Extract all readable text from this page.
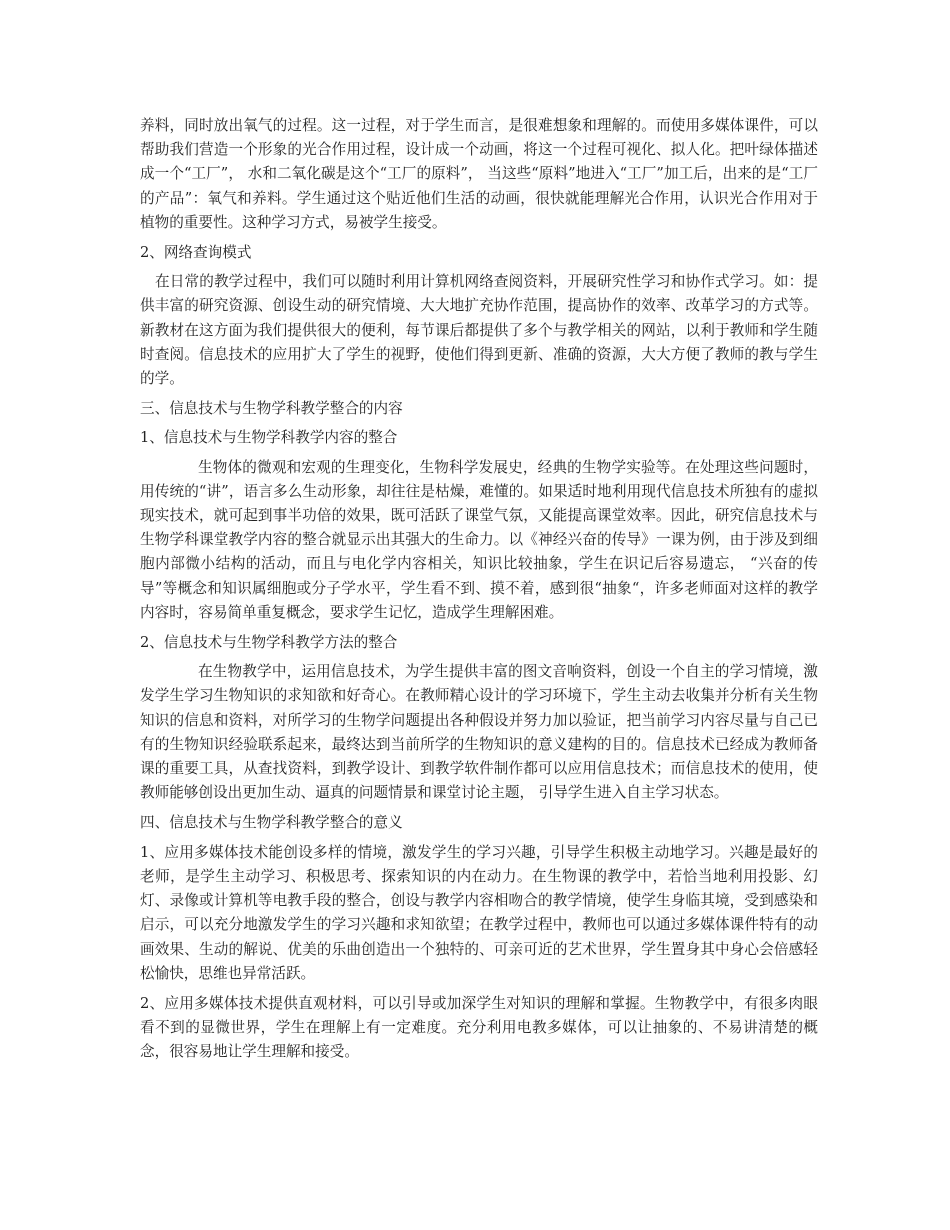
养料，同时放出氧气的过程。这一过程，对于学生而言，是很难想象和理解的。而使用多媒体课件，可以帮助我们营造一个形象的光合作用过程，设计成一个动画，将这一个过程可视化、拟人化。把叶绿体描述成一个“工厂”， 水和二氧化碳是这个“工厂的原料”， 当这些“原料”地进入“工厂”加工后，出来的是“工厂的产品”：氧气和养料。学生通过这个贴近他们生活的动画，很快就能理解光合作用，认识光合作用对于植物的重要性。这种学习方式，易被学生接受。

2、网络查询模式

在日常的教学过程中，我们可以随时利用计算机网络查阅资料，开展研究性学习和协作式学习。如：提供丰富的研究资源、创设生动的研究情境、大大地扩充协作范围，提高协作的效率、改革学习的方式等。新教材在这方面为我们提供很大的便利，每节课后都提供了多个与教学相关的网站，以利于教师和学生随时查阅。信息技术的应用扩大了学生的视野，使他们得到更新、准确的资源，大大方便了教师的教与学生的学。

三、信息技术与生物学科教学整合的内容

1、信息技术与生物学科教学内容的整合

生物体的微观和宏观的生理变化，生物科学发展史，经典的生物学实验等。在处理这些问题时，用传统的“讲”，语言多么生动形象，却往往是枯燥，难懂的。如果适时地利用现代信息技术所独有的虚拟现实技术，就可起到事半功倍的效果，既可活跃了课堂气氛，又能提高课堂效率。因此，研究信息技术与生物学科课堂教学内容的整合就显示出其强大的生命力。以《神经兴奋的传导》一课为例，由于涉及到细胞内部微小结构的活动，而且与电化学内容相关，知识比较抽象，学生在识记后容易遗忘， “兴奋的传导”等概念和知识属细胞或分子学水平，学生看不到、摸不着，感到很“抽象“，许多老师面对这样的教学内容时，容易简单重复概念，要求学生记忆，造成学生理解困难。

2、信息技术与生物学科教学方法的整合

在生物教学中，运用信息技术，为学生提供丰富的图文音响资料，创设一个自主的学习情境，激发学生学习生物知识的求知欲和好奇心。在教师精心设计的学习环境下，学生主动去收集并分析有关生物知识的信息和资料，对所学习的生物学问题提出各种假设并努力加以验证，把当前学习内容尽量与自己已有的生物知识经验联系起来，最终达到当前所学的生物知识的意义建构的目的。信息技术已经成为教师备课的重要工具，从查找资料，到教学设计、到教学软件制作都可以应用信息技术；而信息技术的使用，使教师能够创设出更加生动、逼真的问题情景和课堂讨论主题， 引导学生进入自主学习状态。

四、信息技术与生物学科教学整合的意义

1、应用多媒体技术能创设多样的情境，激发学生的学习兴趣，引导学生积极主动地学习。兴趣是最好的老师，是学生主动学习、积极思考、探索知识的内在动力。在生物课的教学中，若恰当地利用投影、幻灯、录像或计算机等电教手段的整合，创设与教学内容相吻合的教学情境，使学生身临其境，受到感染和启示，可以充分地激发学生的学习兴趣和求知欲望；在教学过程中，教师也可以通过多媒体课件特有的动画效果、生动的解说、优美的乐曲创造出一个独特的、可亲可近的艺术世界，学生置身其中身心会倍感轻松愉快，思维也异常活跃。

2、应用多媒体技术提供直观材料，可以引导或加深学生对知识的理解和掌握。生物教学中，有很多肉眼看不到的显微世界，学生在理解上有一定难度。充分利用电教多媒体，可以让抽象的、不易讲清楚的概念，很容易地让学生理解和接受。
